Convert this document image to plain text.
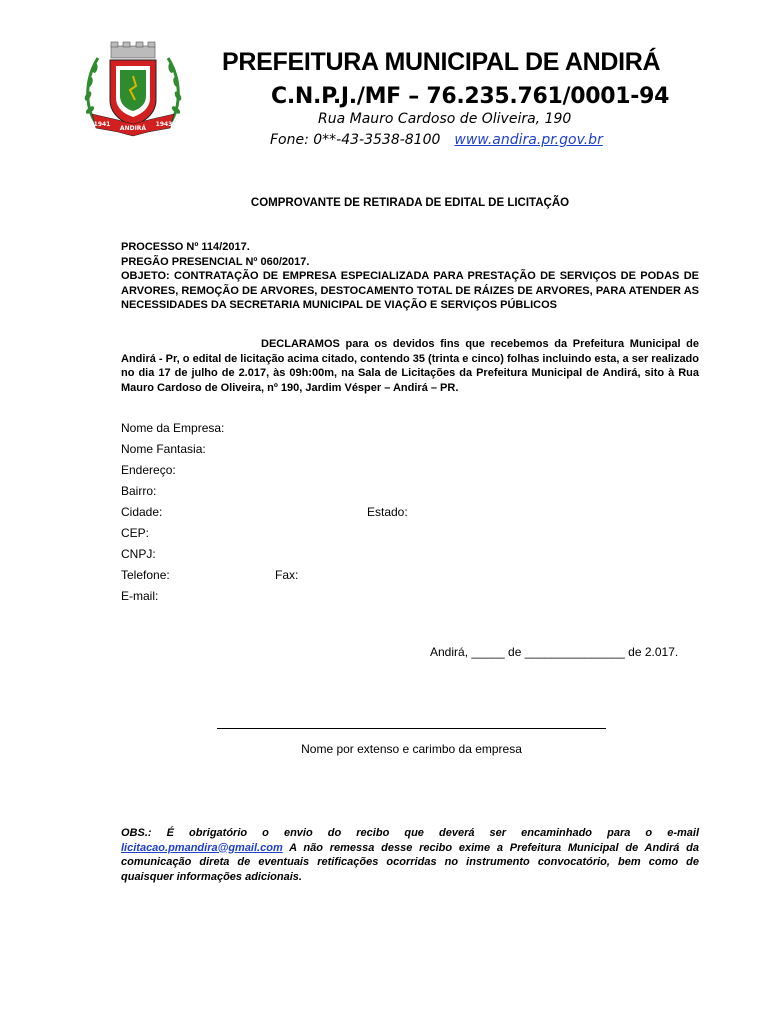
ANDIRÁ
1941	1943
PREFEITURA MUNICIPAL DE ANDIRÁ
C.N.P.J./MF – 76.235.761/0001-94
Rua Mauro Cardoso de Oliveira, 190
Fone: 0**-43-3538-8100 www.andira.pr.gov.br
COMPROVANTE DE RETIRADA DE EDITAL DE LICITAÇÃO
PROCESSO Nº 114/2017.
PREGÃO PRESENCIAL Nº 060/2017.
OBJETO: CONTRATAÇÃO DE EMPRESA ESPECIALIZADA PARA PRESTAÇÃO DE SERVIÇOS DE PODAS DE ARVORES, REMOÇÃO DE ARVORES, DESTOCAMENTO TOTAL DE RÁIZES DE ARVORES, PARA ATENDER AS NECESSIDADES DA SECRETARIA MUNICIPAL DE VIAÇÃO E SERVIÇOS PÚBLICOS
DECLARAMOS para os devidos fins que recebemos da Prefeitura Municipal de Andirá - Pr, o edital de licitação acima citado, contendo 35 (trinta e cinco) folhas incluindo esta, a ser realizado no dia 17 de julho de 2.017, às 09h:00m, na Sala de Licitações da Prefeitura Municipal de Andirá, sito à Rua Mauro Cardoso de Oliveira, nº 190, Jardim Vésper – Andirá – PR.
Nome da Empresa:
Nome Fantasia:
Endereço:
Bairro:
Cidade:	Estado:
CEP:
CNPJ:
Telefone:	Fax:
E-mail:
Andirá, _____ de _______________ de 2.017.
Nome por extenso e carimbo da empresa
OBS.: É obrigatório o envio do recibo que deverá ser encaminhado para o e-mail licitacao.pmandira@gmail.com A não remessa desse recibo exime a Prefeitura Municipal de Andirá da comunicação direta de eventuais retificações ocorridas no instrumento convocatório, bem como de quaisquer informações adicionais.
